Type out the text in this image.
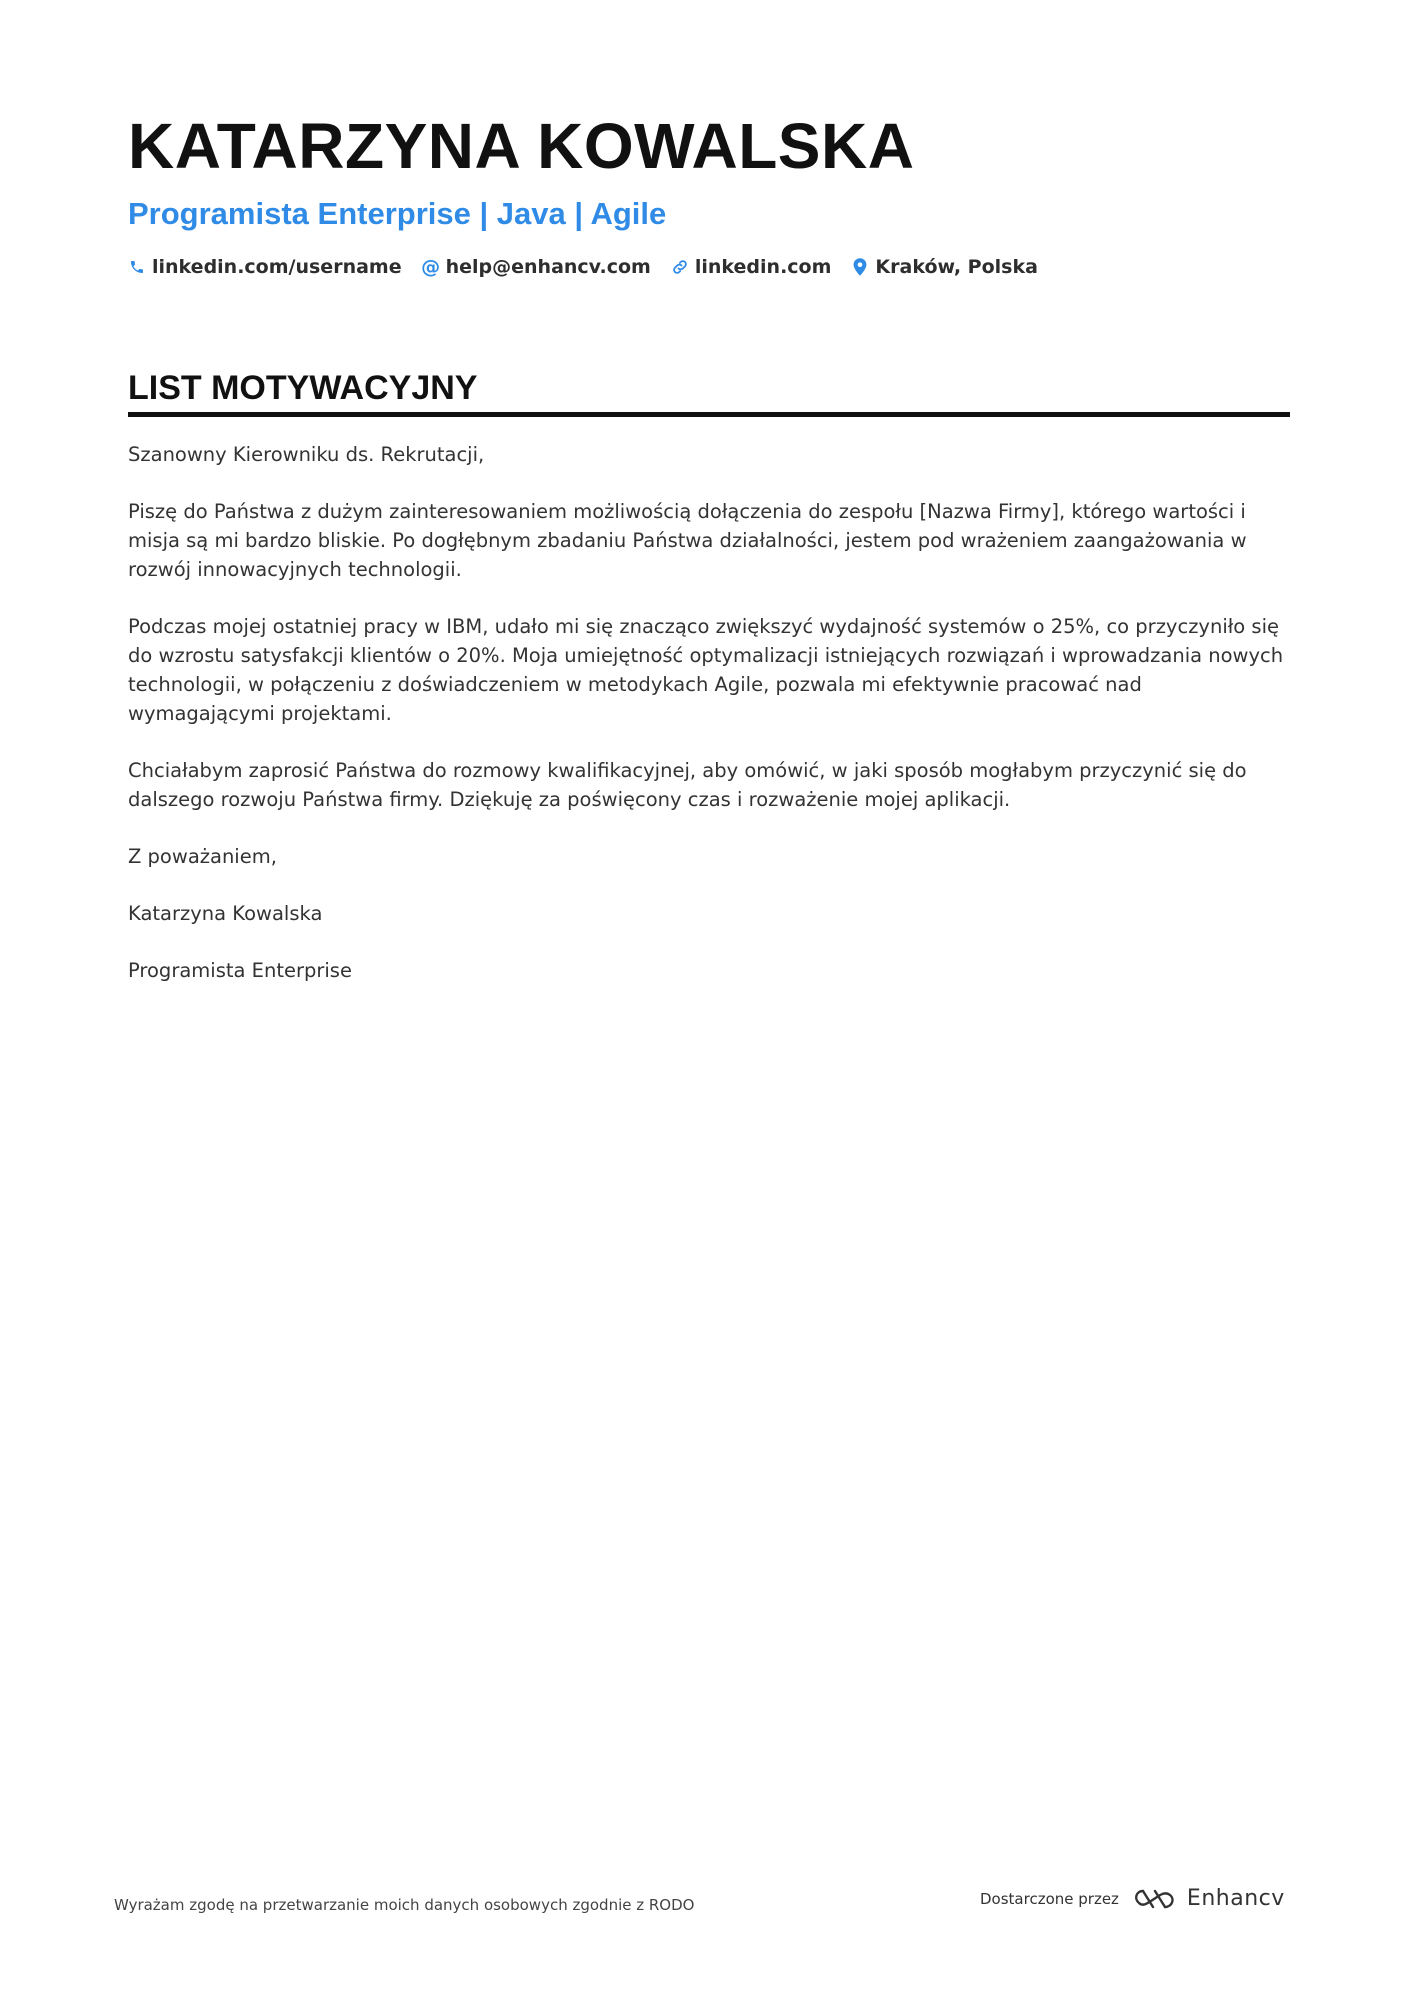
KATARZYNA KOWALSKA
Programista Enterprise | Java | Agile
linkedin.com/username @ help@enhancv.com linkedin.com Kraków, Polska
LIST MOTYWACYJNY

Szanowny Kierowniku ds. Rekrutacji,

Piszę do Państwa z dużym zainteresowaniem możliwością dołączenia do zespołu [Nazwa Firmy], którego wartości i misja są mi bardzo bliskie. Po dogłębnym zbadaniu Państwa działalności, jestem pod wrażeniem zaangażowania w rozwój innowacyjnych technologii.

Podczas mojej ostatniej pracy w IBM, udało mi się znacząco zwiększyć wydajność systemów o 25%, co przyczyniło się do wzrostu satysfakcji klientów o 20%. Moja umiejętność optymalizacji istniejących rozwiązań i wprowadzania nowych technologii, w połączeniu z doświadczeniem w metodykach Agile, pozwala mi efektywnie pracować nad wymagającymi projektami.

Chciałabym zaprosić Państwa do rozmowy kwalifikacyjnej, aby omówić, w jaki sposób mogłabym przyczynić się do dalszego rozwoju Państwa firmy. Dziękuję za poświęcony czas i rozważenie mojej aplikacji.

Z poważaniem,

Katarzyna Kowalska

Programista Enterprise

Wyrażam zgodę na przetwarzanie moich danych osobowych zgodnie z RODO	Dostarczone przez	Enhancv
